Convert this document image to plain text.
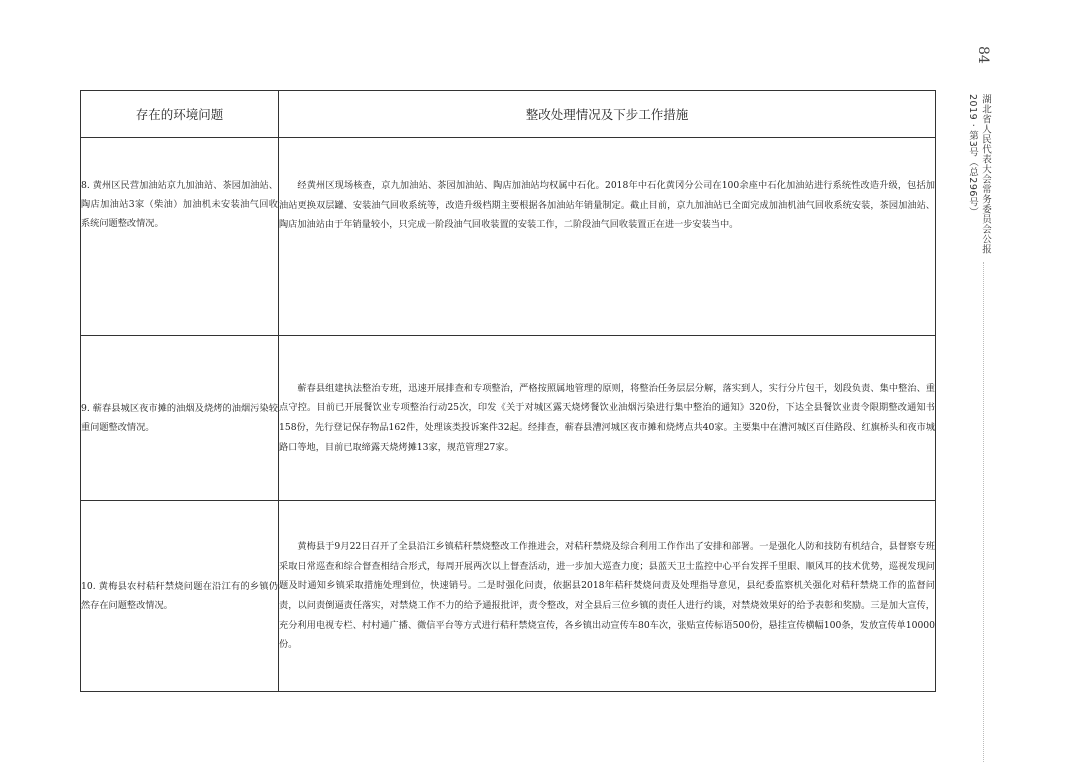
存在的环境问题	整改处理情况及下步工作措施
8. 黄州区民营加油站京九加油站、茶园加油站、陶店加油站3家（柴油）加油机未安装油气回收系统问题整改情况。	经黄州区现场核查，京九加油站、茶园加油站、陶店加油站均权属中石化。2018年中石化黄冈分公司在100余座中石化加油站进行系统性改造升级，包括加油站更换双层罐、安装油气回收系统等，改造升级档期主要根据各加油站年销量制定。截止目前，京九加油站已全面完成加油机油气回收系统安装，茶园加油站、陶店加油站由于年销量较小，只完成一阶段油气回收装置的安装工作，二阶段油气回收装置正在进一步安装当中。
9. 蕲春县城区夜市摊的油烟及烧烤的油烟污染较重问题整改情况。	蕲春县组建执法整治专班，迅速开展排查和专项整治，严格按照属地管理的原则，将整治任务层层分解，落实到人，实行分片包干，划段负责、集中整治、重点守控。目前已开展餐饮业专项整治行动25次，印发《关于对城区露天烧烤餐饮业油烟污染进行集中整治的通知》320份，下达全县餐饮业责令限期整改通知书158份，先行登记保存物品162件，处理该类投诉案件32起。经排查，蕲春县漕河城区夜市摊和烧烤点共40家。主要集中在漕河城区百佳路段、红旗桥头和夜市城路口等地，目前已取缔露天烧烤摊13家，规范管理27家。
10. 黄梅县农村秸秆禁烧问题在沿江有的乡镇仍然存在问题整改情况。	黄梅县于9月22日召开了全县沿江乡镇秸秆禁烧整改工作推进会，对秸秆禁烧及综合利用工作作出了安排和部署。一是强化人防和技防有机结合，县督察专班采取日常巡查和综合督查相结合形式，每周开展两次以上督查活动，进一步加大巡查力度；县蓝天卫士监控中心平台发挥千里眼、顺风耳的技术优势，巡视发现问题及时通知乡镇采取措施处理到位，快速销号。二是时强化问责，依据县2018年秸秆焚烧问责及处理指导意见，县纪委监察机关强化对秸秆禁烧工作的监督问责，以问责倒逼责任落实，对禁烧工作不力的给予通报批评，责令整改，对全县后三位乡镇的责任人进行约谈，对禁烧效果好的给予表彰和奖励。三是加大宣传，充分利用电视专栏、村村通广播、微信平台等方式进行秸秆禁烧宣传，各乡镇出动宣传车80车次，张贴宣传标语500份，悬挂宣传横幅100条，发放宣传单10000份。
84
湖北省人民代表大会常务委员会公报
2019 · 第3号（总296号）
